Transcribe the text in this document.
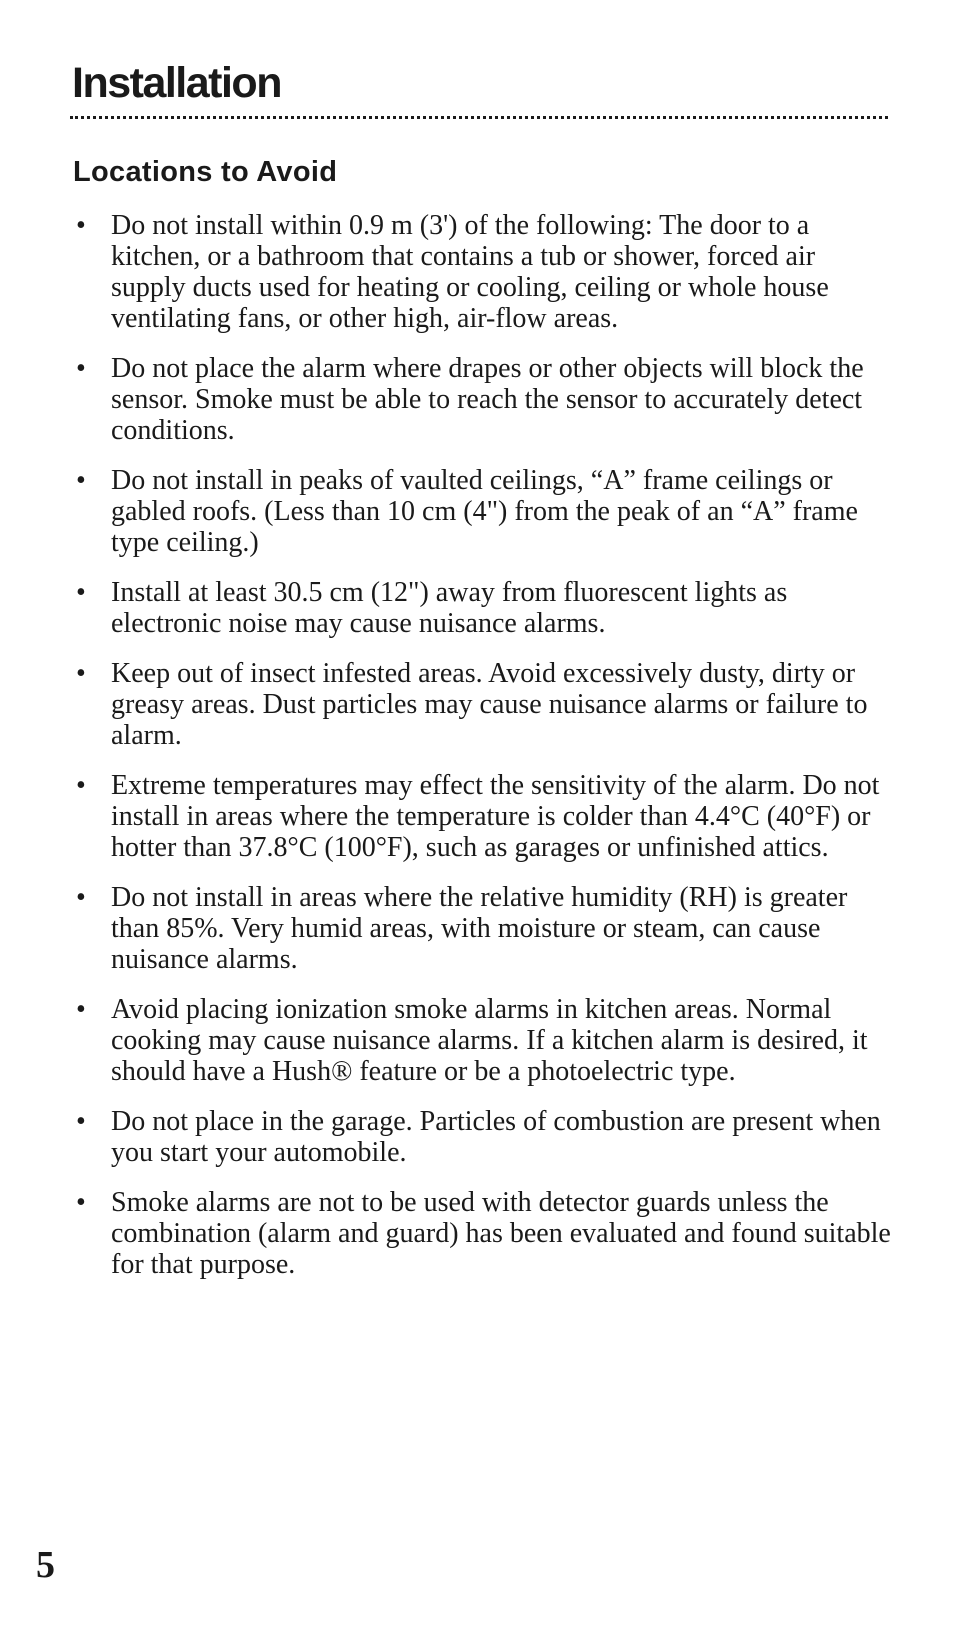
Installation
Locations to Avoid
• Do not install within 0.9 m (3') of the following: The door to a kitchen, or a bathroom that contains a tub or shower, forced air supply ducts used for heating or cooling, ceiling or whole house ventilating fans, or other high, air-flow areas.
• Do not place the alarm where drapes or other objects will block the sensor. Smoke must be able to reach the sensor to accurately detect conditions.
• Do not install in peaks of vaulted ceilings, “A” frame ceilings or gabled roofs. (Less than 10 cm (4") from the peak of an “A” frame type ceiling.)
• Install at least 30.5 cm (12") away from fluorescent lights as electronic noise may cause nuisance alarms.
• Keep out of insect infested areas. Avoid excessively dusty, dirty or greasy areas. Dust particles may cause nuisance alarms or failure to alarm.
• Extreme temperatures may effect the sensitivity of the alarm. Do not install in areas where the temperature is colder than 4.4°C (40°F) or hotter than 37.8°C (100°F), such as garages or unfinished attics.
• Do not install in areas where the relative humidity (RH) is greater than 85%. Very humid areas, with moisture or steam, can cause nuisance alarms.
• Avoid placing ionization smoke alarms in kitchen areas. Normal cooking may cause nuisance alarms. If a kitchen alarm is desired, it should have a Hush® feature or be a photoelectric type.
• Do not place in the garage. Particles of combustion are present when you start your automobile.
• Smoke alarms are not to be used with detector guards unless the combination (alarm and guard) has been evaluated and found suitable for that purpose.
5
